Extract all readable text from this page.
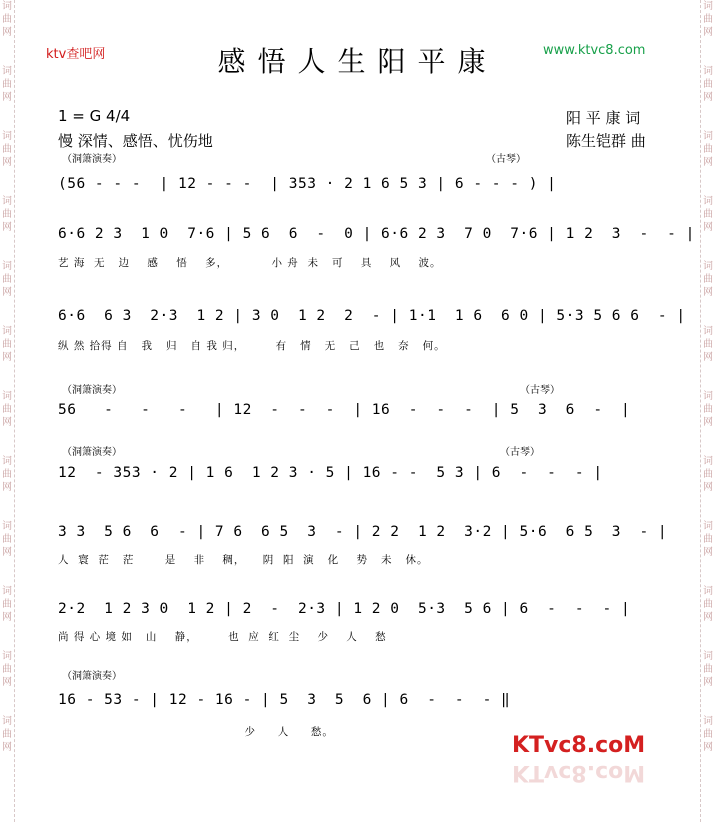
词
曲
网

词
曲
网

词
曲
网

词
曲
网

词
曲
网

词
曲
网

词
曲
网

词
曲
网

词
曲
网

词
曲
网

词
曲
网

词
曲
网
词
曲
网

词
曲
网

词
曲
网

词
曲
网

词
曲
网

词
曲
网

词
曲
网

词
曲
网

词
曲
网

词
曲
网

词
曲
网

词
曲
网
ktv查吧网	www.ktvc8.com
感悟人生阳平康
1 = G 4/4
慢 深情、感悟、忧伤地
阳 平 康 词
陈生铠群 曲
（洞箫演奏）	（古琴）
(56 - - -  | 12 - - -  | 353 · 2 1 6 5 3 | 6 - - - ) |
6·6 2 3  1 0  7·6 | 5 6  6  -  0 | 6·6 2 3  7 0  7·6 | 1 2  3  -  - |
艺 海  无   边    感    悟    多，          小 舟  未   可    具    风    波。
6·6  6 3  2·3  1 2 | 3 0  1 2  2  - | 1·1  1 6  6 0 | 5·3 5 6 6  - |
纵 然 拾得 自   我   归   自 我 归，       有   情   无   己   也   奈   何。
（洞箫演奏）	（古琴）
56   -   -   -   | 12  -  -  -  | 16  -  -  -  | 5  3  6  -  |
（洞箫演奏）	（古琴）
12  - 353 · 2 | 1 6  1 2 3 · 5 | 16 - -  5 3 | 6  -  -  - |
3 3  5 6  6  - | 7 6  6 5  3  - | 2 2  1 2  3·2 | 5·6  6 5  3  - |
人  寰  茫   茫       是    非    稠，    阴  阳  演   化    势   未   休。
2·2  1 2 3 0  1 2 | 2  -  2·3 | 1 2 0  5·3  5 6 | 6  -  -  - |
尚 得 心 境 如   山    静，       也  应  红  尘    少    人    愁
（洞箫演奏）
16 - 53 - | 12 - 16 - | 5  3  5  6 | 6  -  -  - ‖
少     人     愁。
KTvc8.coM
KTvc8.coM
